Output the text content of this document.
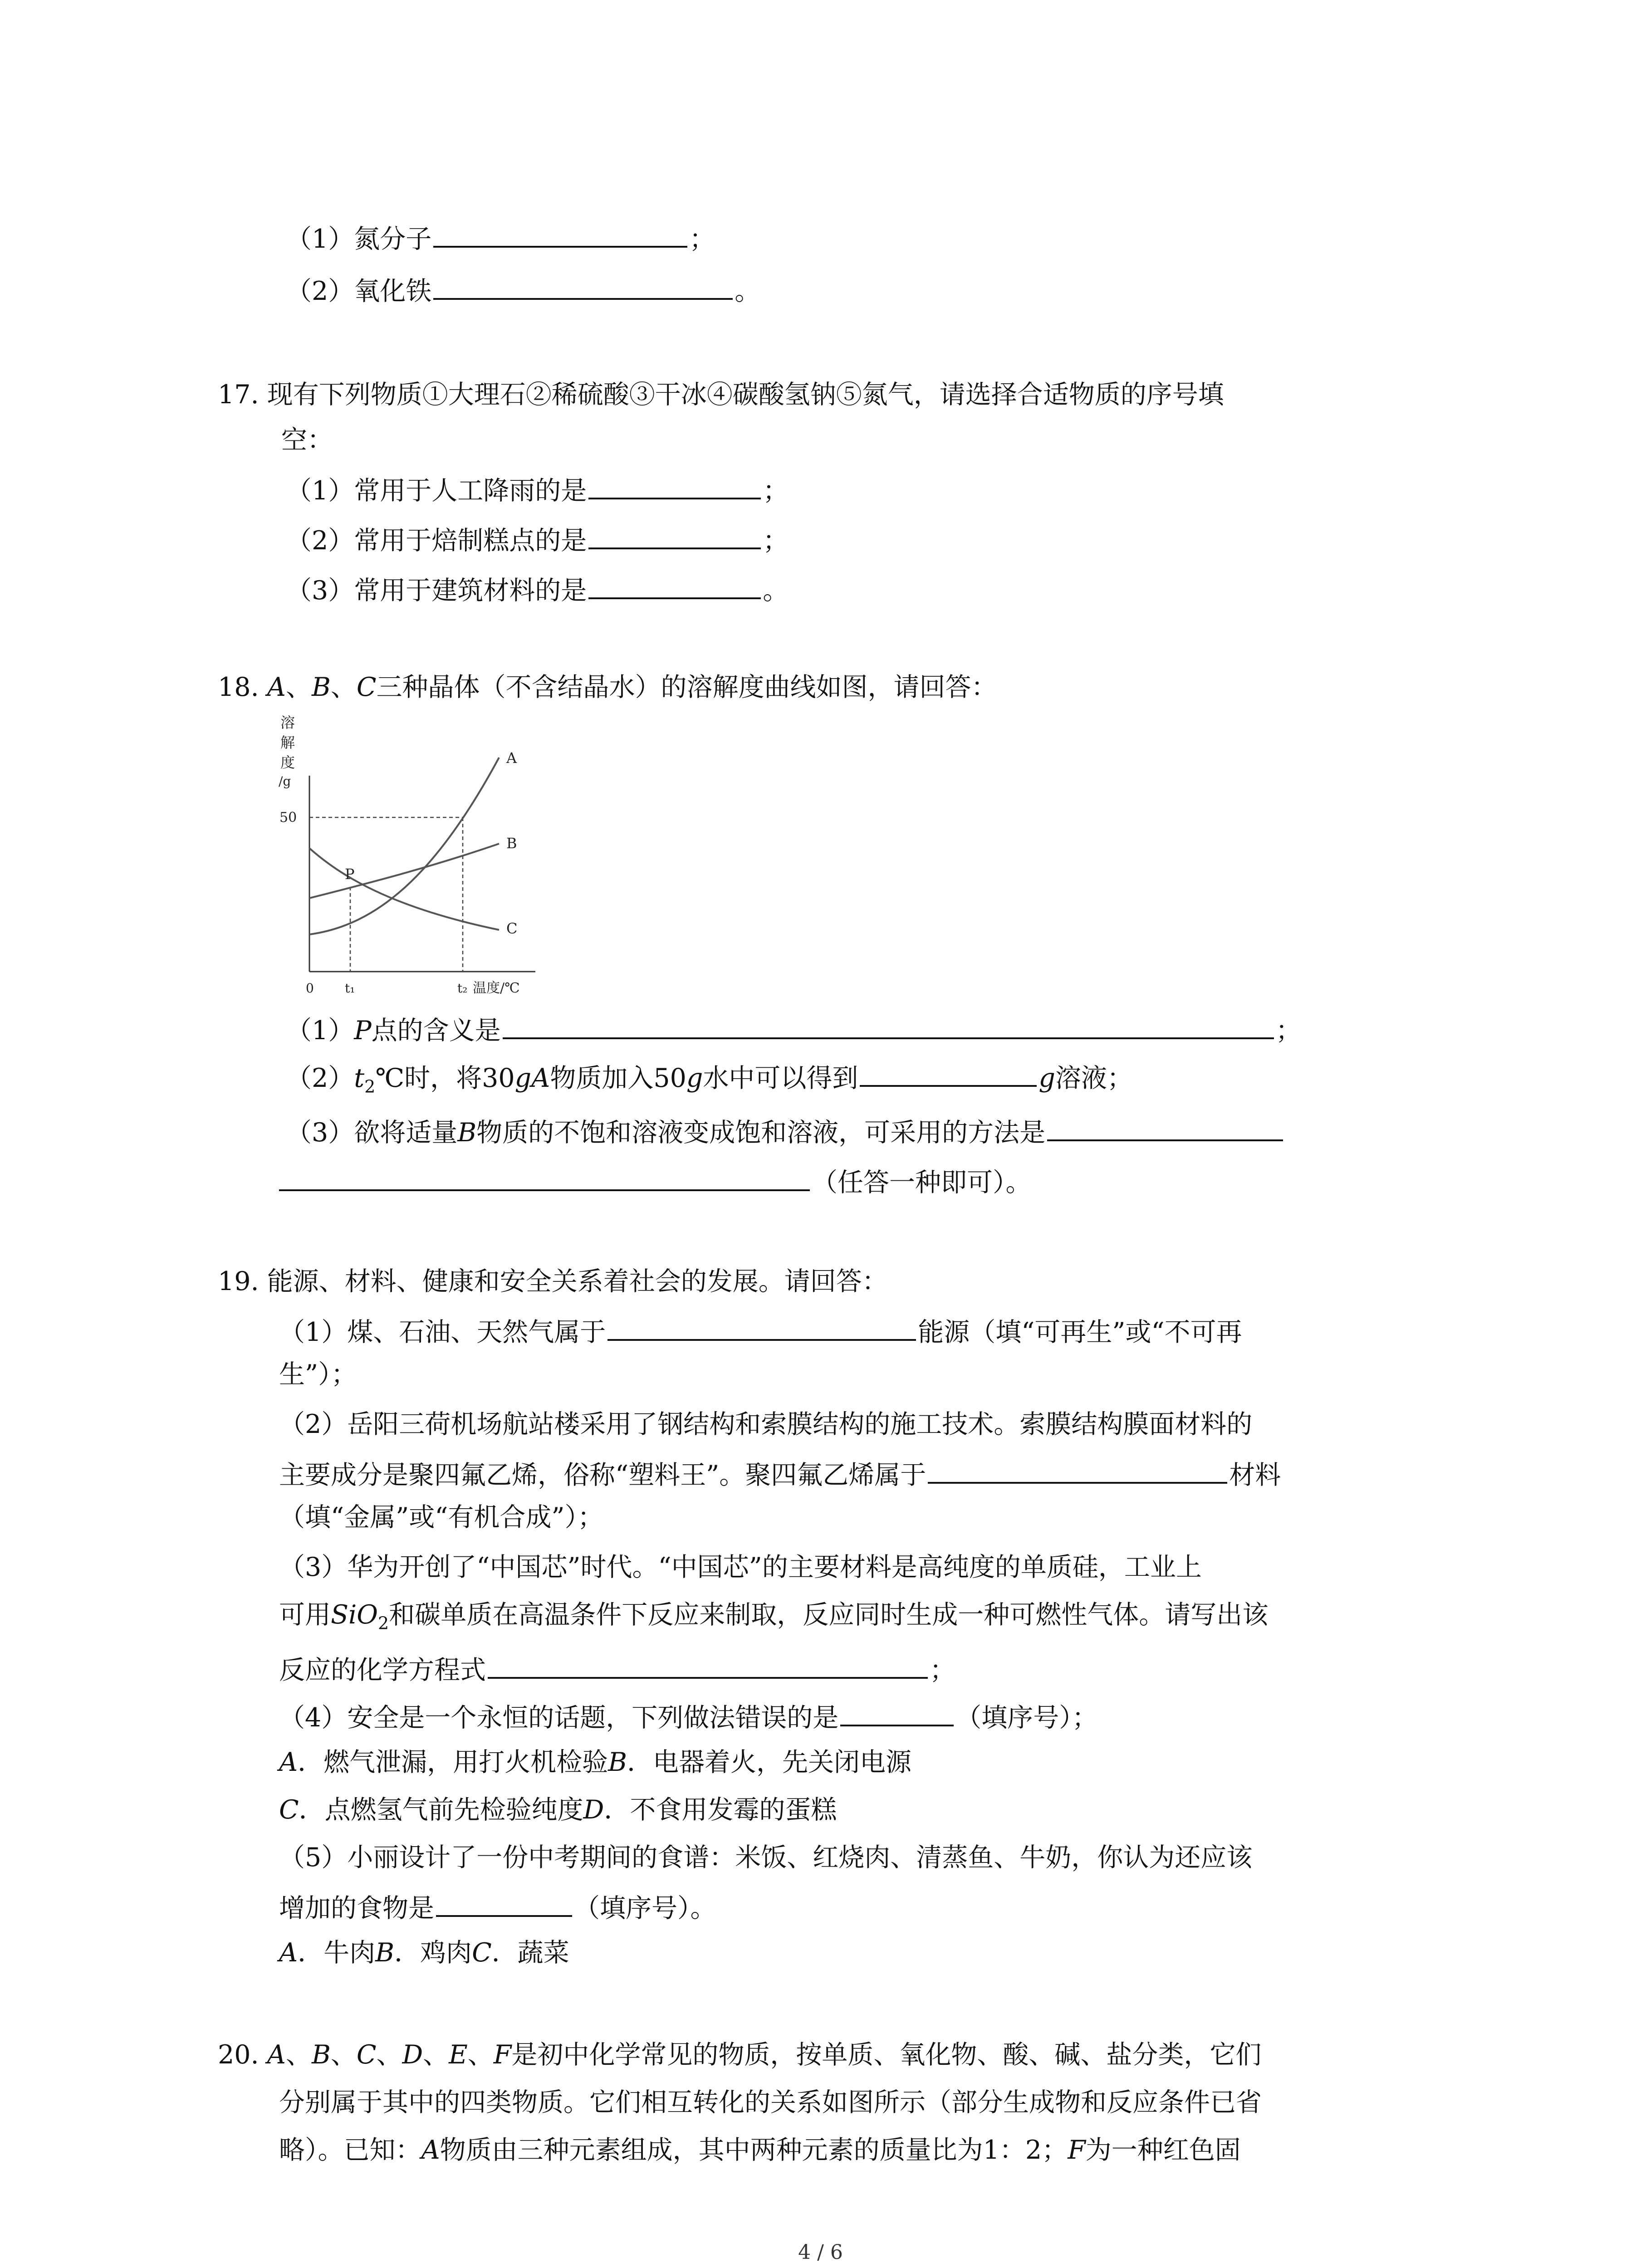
（1）氮分子	；
（2）氧化铁	。
17. 现有下列物质①大理石②稀硫酸③干冰④碳酸氢钠⑤氮气，请选择合适物质的序号填
空：
（1）常用于人工降雨的是	；
（2）常用于焙制糕点的是	；
（3）常用于建筑材料的是	。
18. A、B、C三种晶体（不含结晶水）的溶解度曲线如图，请回答：
溶
解
度
/g
50
A
B
C
P
0 t₁	t₂ 温度/℃
（1）P点的含义是	；
$(2)t_2℃$时，将30gA物质加入50g水中可以得到	g溶液；
（3）欲将适量B物质的不饱和溶液变成饱和溶液，可采用的方法是
（任答一种即可）。
19. 能源、材料、健康和安全关系着社会的发展。请回答：
（1）煤、石油、天然气属于	能源（填“可再生”或“不可再
生”）；
（2）岳阳三荷机场航站楼采用了钢结构和索膜结构的施工技术。索膜结构膜面材料的
主要成分是聚四氟乙烯，俗称“塑料王”。聚四氟乙烯属于	材料
（填“金属”或“有机合成”）；
（3）华为开创了“中国芯”时代。“中国芯”的主要材料是高纯度的单质硅，工业上
可用SiO$_2$和碳单质在高温条件下反应来制取，反应同时生成一种可燃性气体。请写出该
反应的化学方程式	；
（4）安全是一个永恒的话题，下列做法错误的是	（填序号）；
A．燃气泄漏，用打火机检验B．电器着火，先关闭电源
C．点燃氢气前先检验纯度D．不食用发霉的蛋糕
（5）小丽设计了一份中考期间的食谱：米饭、红烧肉、清蒸鱼、牛奶，你认为还应该
增加的食物是	（填序号）。
A．牛肉B．鸡肉C．蔬菜
20. A、B、C、D、E、F是初中化学常见的物质，按单质、氧化物、酸、碱、盐分类，它们
分别属于其中的四类物质。它们相互转化的关系如图所示（部分生成物和反应条件已省
略）。已知：A物质由三种元素组成，其中两种元素的质量比为1：2；F为一种红色固
4 / 6
